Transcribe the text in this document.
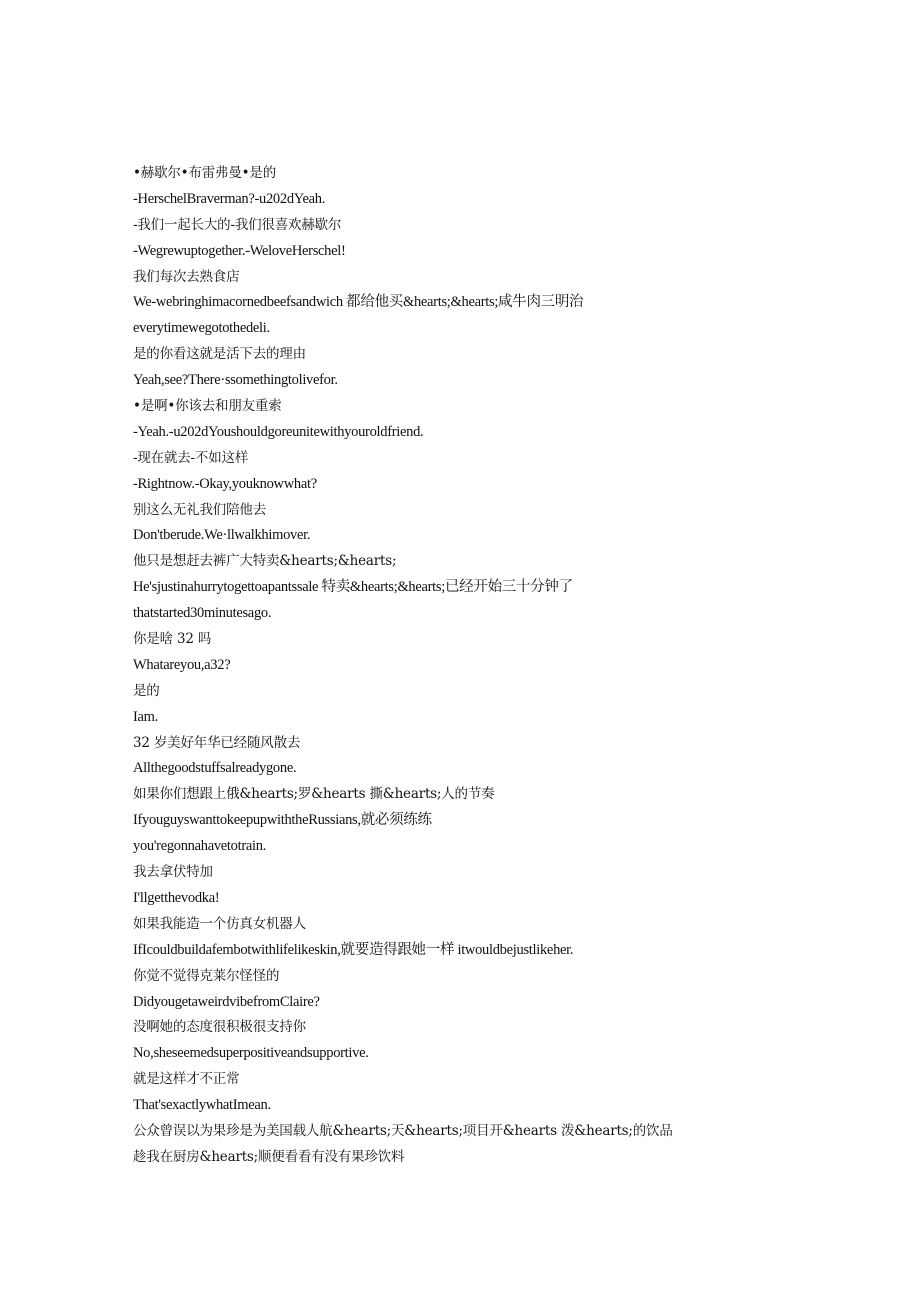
•赫歇尔•布雷弗曼•是的
-HerschelBraverman?-u202dYeah.
-我们一起长大的-我们很喜欢赫歇尔
-Wegrewuptogether.-WeloveHerschel!
我们每次去熟食店
We-webringhimacornedbeefsandwich 都给他买&hearts;&hearts;咸牛肉三明治
everytimewegotothedeli.
是的你看这就是活下去的理由
Yeah,see?There·ssomethingtolivefor.
•是啊•你该去和朋友重索
-Yeah.-u202dYoushouldgoreunitewithyouroldfriend.
-现在就去-不如这样
-Rightnow.-Okay,youknowwhat?
别这么无礼我们陪他去
Don'tberude.We·llwalkhimover.
他只是想赶去裤广大特卖&hearts;&hearts;
He'sjustinahurrytogettoapantssale 特卖&hearts;&hearts;已经开始三十分钟了
thatstarted30minutesago.
你是啥 32 吗
Whatareyou,a32?
是的
Iam.
32 岁美好年华已经随风散去
Allthegoodstuffsalreadygone.
如果你们想跟上俄&hearts;罗&hearts 撕&hearts;人的节奏
IfyouguyswanttokeepupwiththeRussians,就必须练练
you'regonnahavetotrain.
我去拿伏特加
I'llgetthevodka!
如果我能造一个仿真女机器人
IfIcouldbuildafembotwithlifelikeskin,就要造得跟她一样 itwouldbejustlikeher.
你觉不觉得克莱尔怪怪的
DidyougetaweirdvibefromClaire?
没啊她的态度很积极很支持你
No,sheseemedsuperpositiveandsupportive.
就是这样才不正常
That'sexactlywhatImean.
公众曾误以为果珍是为美国载人航&hearts;天&hearts;项目开&hearts 泼&hearts;的饮品
趁我在厨房&hearts;顺便看看有没有果珍饮料
